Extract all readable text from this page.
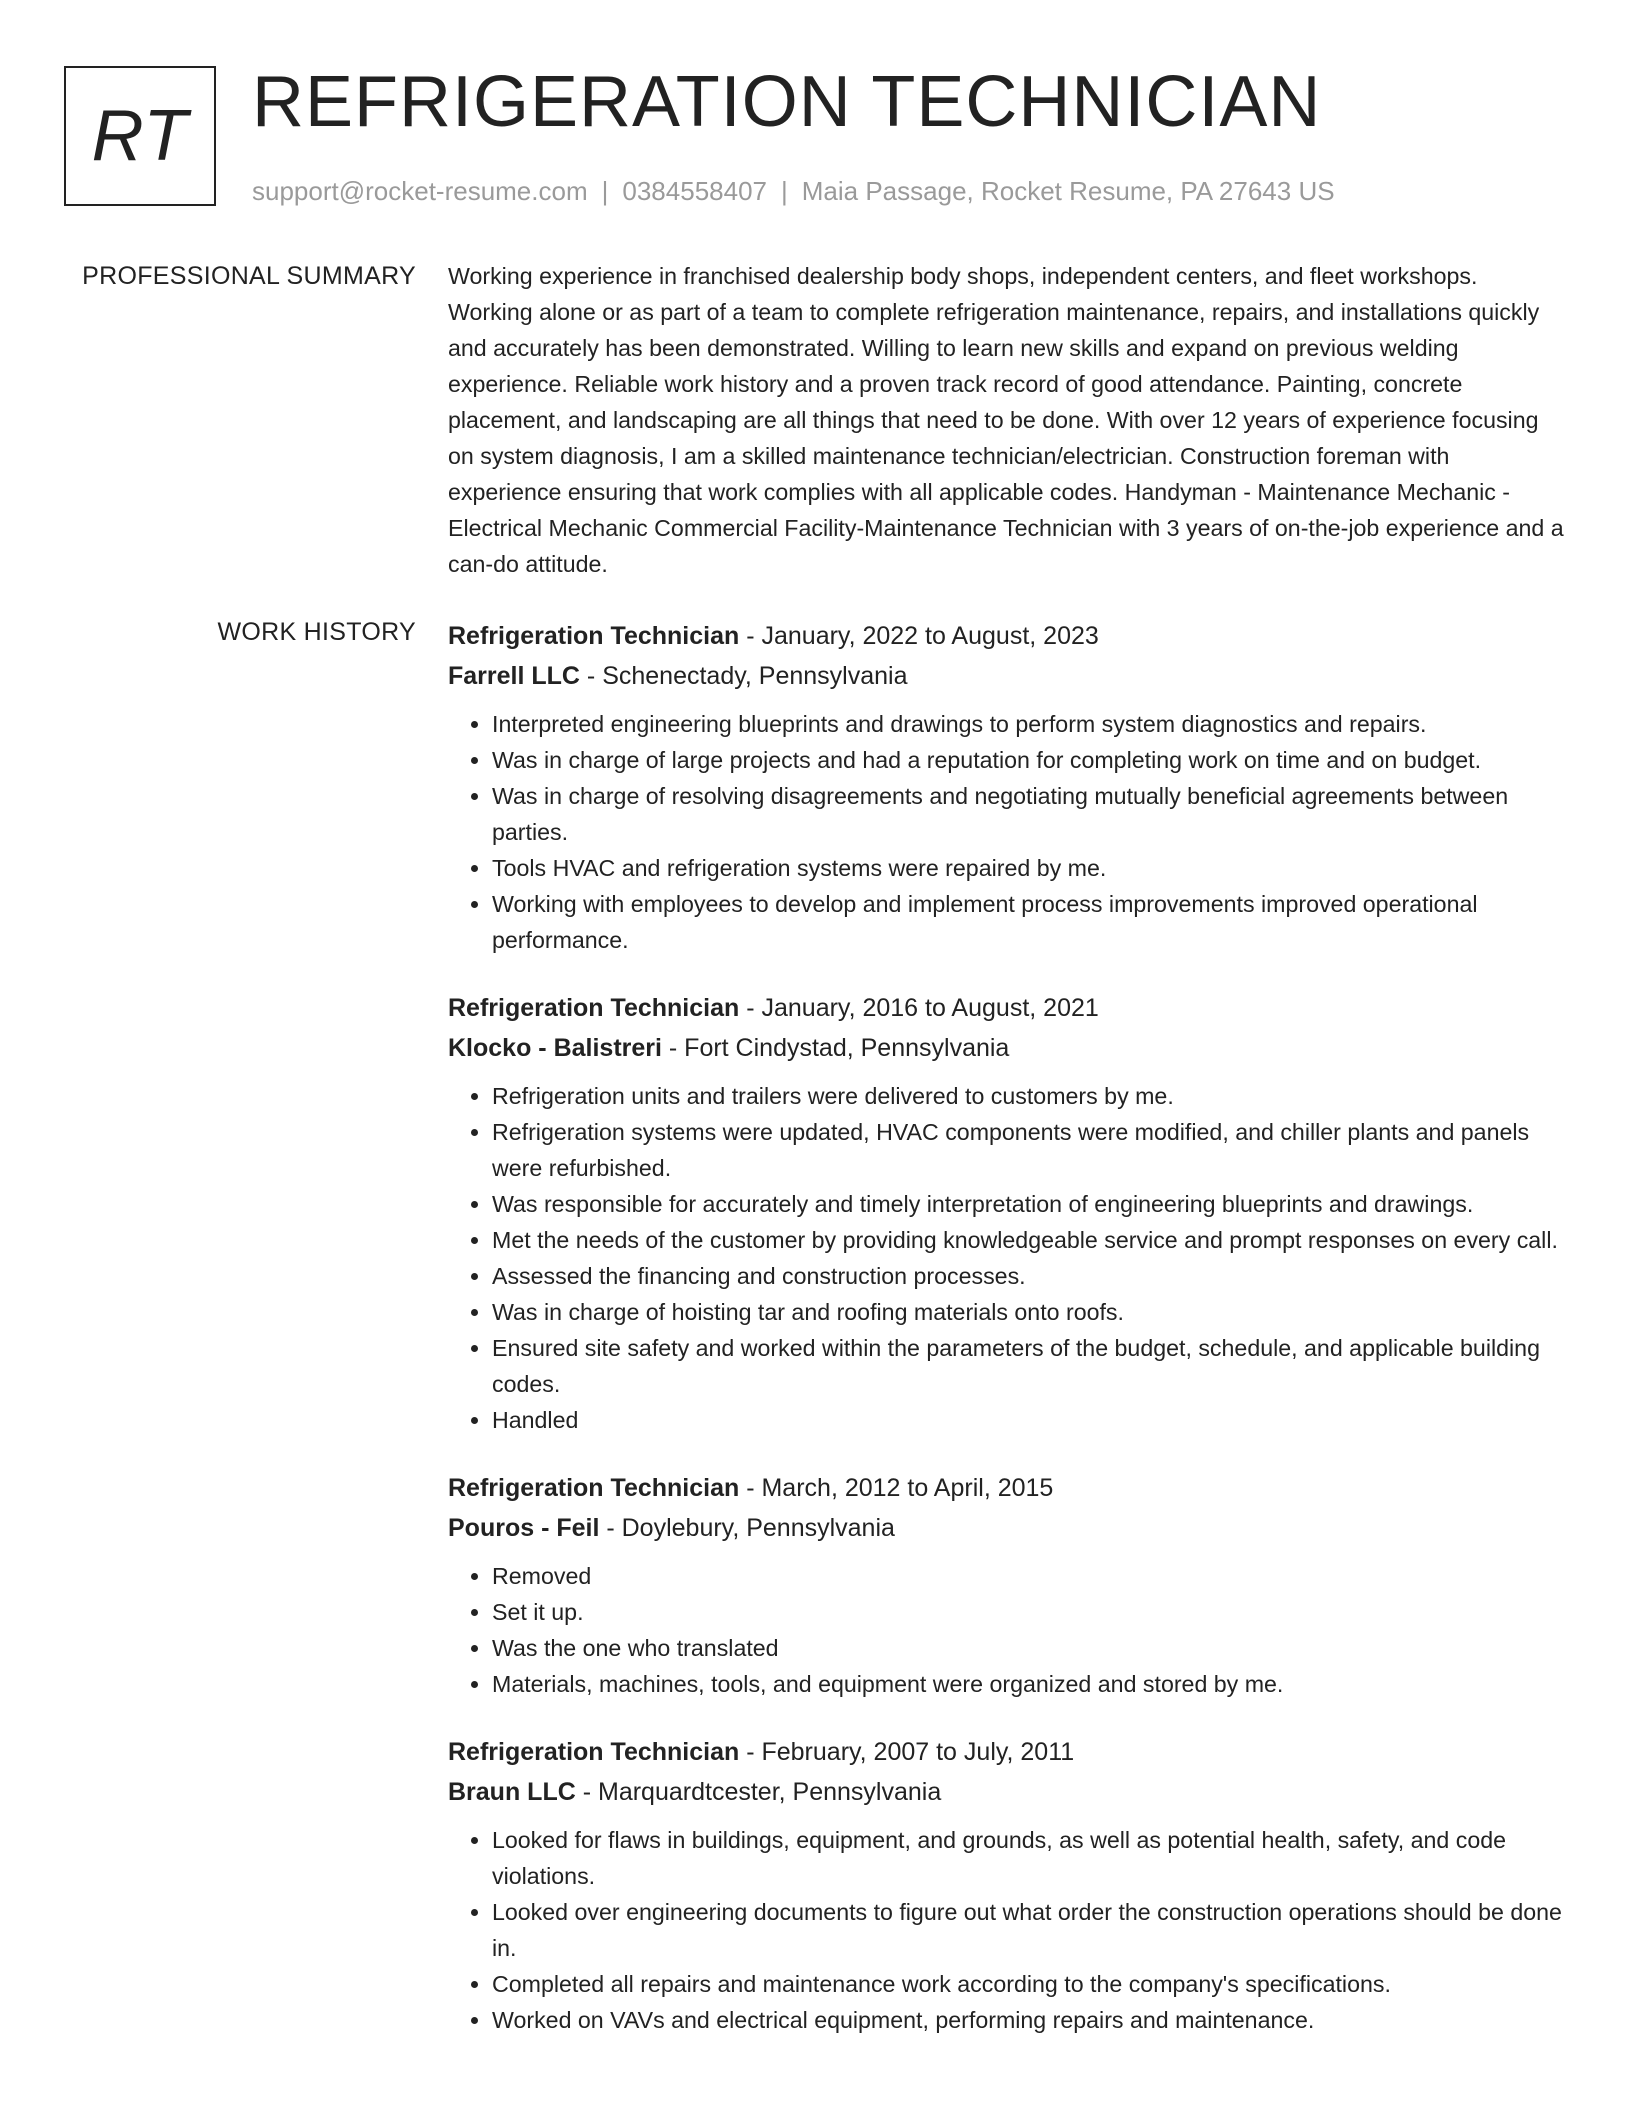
RT REFRIGERATION TECHNICIAN
support@rocket-resume.com | 0384558407 | Maia Passage, Rocket Resume, PA 27643 US
PROFESSIONAL SUMMARY Working experience in franchised dealership body shops, independent centers, and fleet workshops. Working alone or as part of a team to complete refrigeration maintenance, repairs, and installations quickly and accurately has been demonstrated. Willing to learn new skills and expand on previous welding experience. Reliable work history and a proven track record of good attendance. Painting, concrete placement, and landscaping are all things that need to be done. With over 12 years of experience focusing on system diagnosis, I am a skilled maintenance technician/electrician. Construction foreman with experience ensuring that work complies with all applicable codes. Handyman - Maintenance Mechanic - Electrical Mechanic Commercial Facility-Maintenance Technician with 3 years of on-the-job experience and a can-do attitude.

WORK HISTORY Refrigeration Technician - January, 2022 to August, 2023
Farrell LLC - Schenectady, Pennsylvania
• Interpreted engineering blueprints and drawings to perform system diagnostics and repairs.
• Was in charge of large projects and had a reputation for completing work on time and on budget.
• Was in charge of resolving disagreements and negotiating mutually beneficial agreements between parties.
• Tools HVAC and refrigeration systems were repaired by me.
• Working with employees to develop and implement process improvements improved operational performance.
Refrigeration Technician - January, 2016 to August, 2021
Klocko - Balistreri - Fort Cindystad, Pennsylvania
• Refrigeration units and trailers were delivered to customers by me.
• Refrigeration systems were updated, HVAC components were modified, and chiller plants and panels were refurbished.
• Was responsible for accurately and timely interpretation of engineering blueprints and drawings.
• Met the needs of the customer by providing knowledgeable service and prompt responses on every call.
• Assessed the financing and construction processes.
• Was in charge of hoisting tar and roofing materials onto roofs.
• Ensured site safety and worked within the parameters of the budget, schedule, and applicable building codes.
• Handled
Refrigeration Technician - March, 2012 to April, 2015
Pouros - Feil - Doylebury, Pennsylvania
• Removed
• Set it up.
• Was the one who translated
• Materials, machines, tools, and equipment were organized and stored by me.
Refrigeration Technician - February, 2007 to July, 2011
Braun LLC - Marquardtcester, Pennsylvania
• Looked for flaws in buildings, equipment, and grounds, as well as potential health, safety, and code violations.
• Looked over engineering documents to figure out what order the construction operations should be done in.
• Completed all repairs and maintenance work according to the company's specifications.
• Worked on VAVs and electrical equipment, performing repairs and maintenance.
